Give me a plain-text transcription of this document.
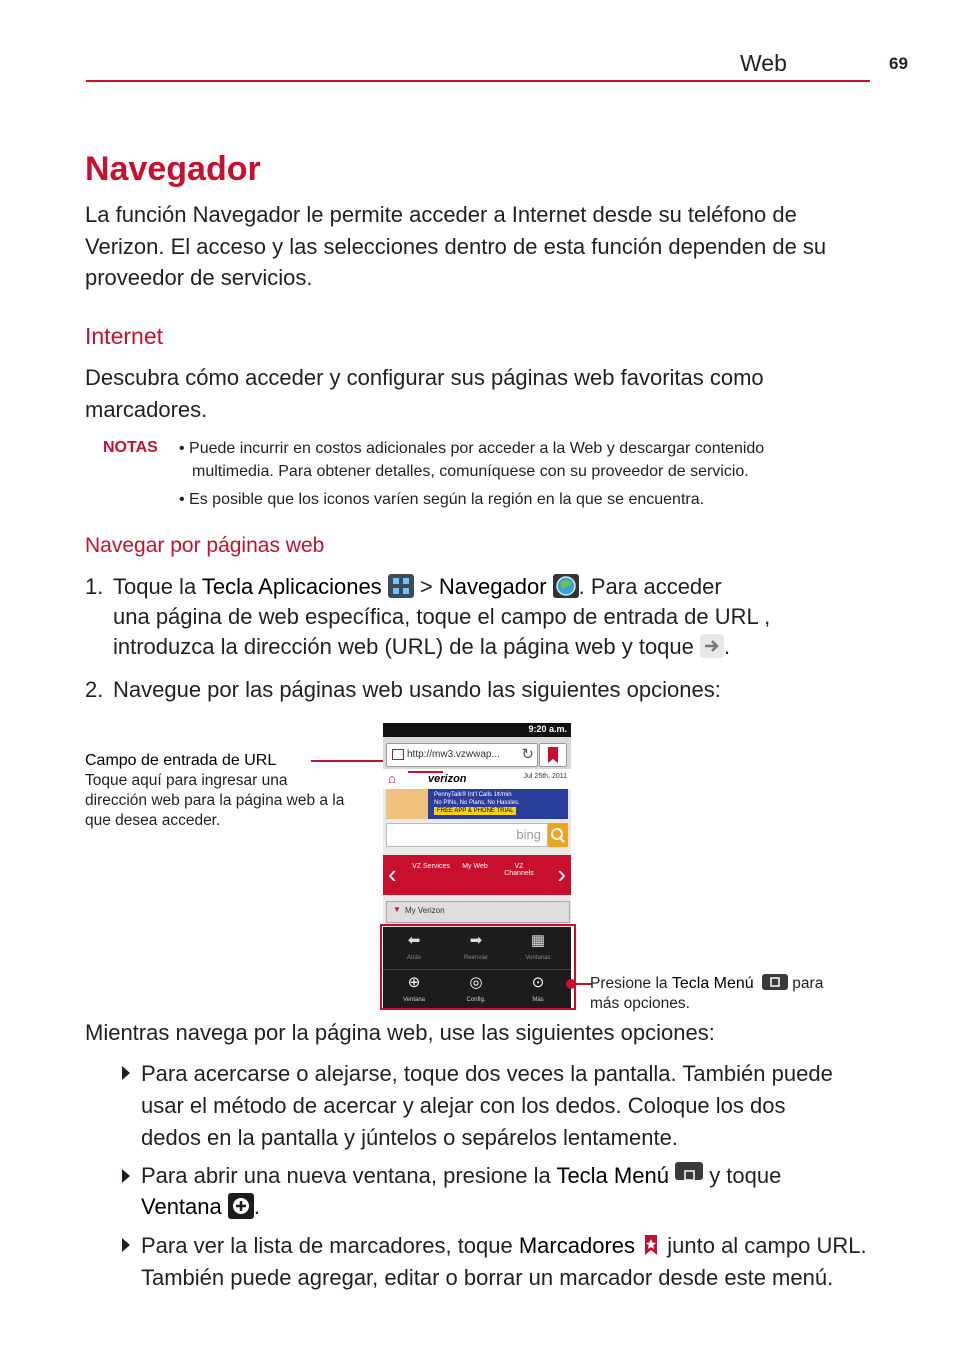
Web	69
Navegador
La función Navegador le permite acceder a Internet desde su teléfono de
Verizon. El acceso y las selecciones dentro de esta función dependen de su
proveedor de servicios.
Internet
Descubra cómo acceder y configurar sus páginas web favoritas como
marcadores.
NOTAS • Puede incurrir en costos adicionales por acceder a la Web y descargar contenido
multimedia. Para obtener detalles, comuníquese con su proveedor de servicio.
• Es posible que los iconos varíen según la región en la que se encuentra.
Navegar por páginas web
1. Toque la Tecla Aplicaciones  > Navegador . Para acceder
una página de web específica, toque el campo de entrada de URL ,
introduzca la dirección web (URL) de la página web y toque .
2. Navegue por las páginas web usando las siguientes opciones:
Campo de entrada de URL
Toque aquí para ingresar una
dirección web para la página web a la
que desea acceder.
9:20 a.m.
http://mw3.vzwwap... ↻
⌂	verizon	Jul 25th, 2011
PennyTalk® Int'l Calls 1¢/min
No PINs, No Plans, No Hassles.
FREE APP & PHONE TRIAL
bing
‹	›
VZ Services	My Web	VZ Channels
▼ My Verizon
⬅	➡	▦
Atrás	Reenviar	Ventanas
⊕	◎	⊙
Ventana	Config.	Más
Presione la Tecla Menú  para
más opciones.
Mientras navega por la página web, use las siguientes opciones:
Para acercarse o alejarse, toque dos veces la pantalla. También puede
usar el método de acercar y alejar con los dedos. Coloque los dos
dedos en la pantalla y júntelos o sepárelos lentamente.
Para abrir una nueva ventana, presione la Tecla Menú  y toque
Ventana .
Para ver la lista de marcadores, toque Marcadores  junto al campo URL.
También puede agregar, editar o borrar un marcador desde este menú.
